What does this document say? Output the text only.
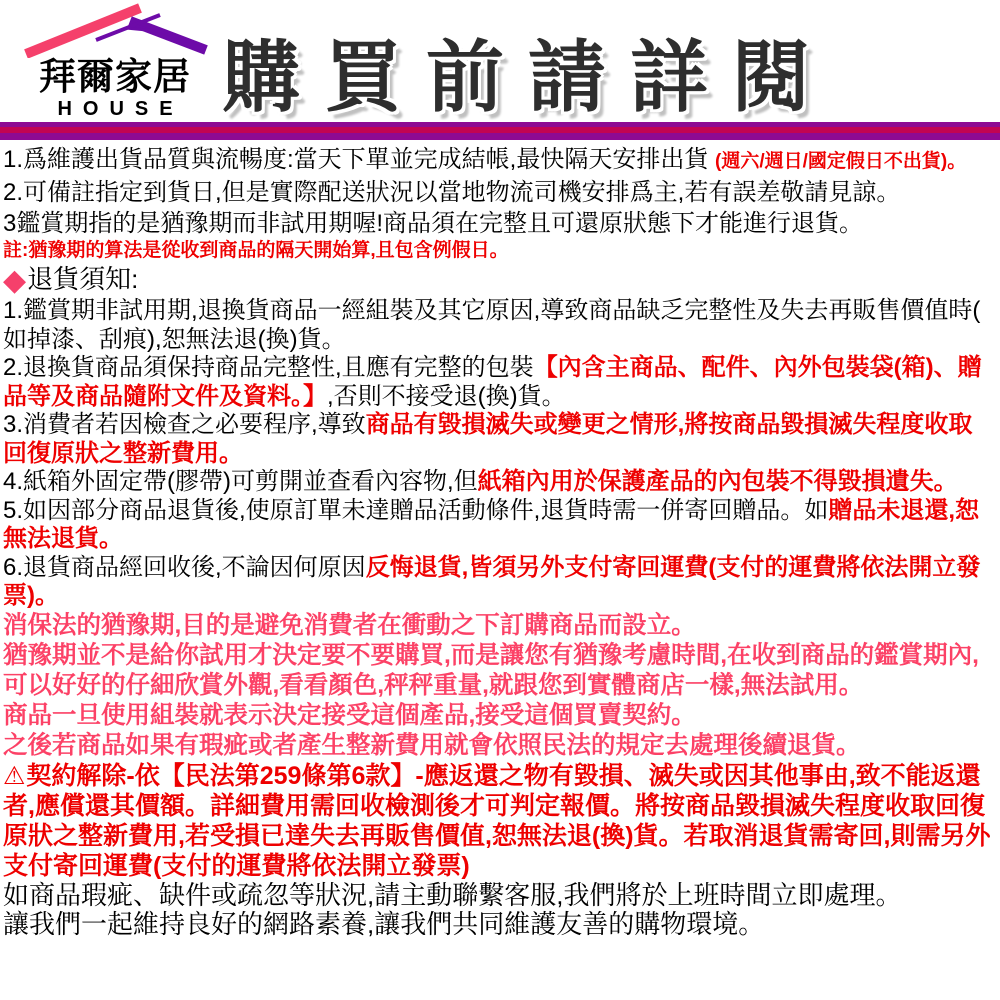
拜爾家居
HOUSE 購買前請詳閱

1.爲維護出貨品質與流暢度:當天下單並完成結帳,最快隔天安排出貨 (週六/週日/國定假日不出貨)。

2.可備註指定到貨日,但是實際配送狀況以當地物流司機安排爲主,若有誤差敬請見諒。

3鑑賞期指的是猶豫期而非試用期喔!商品須在完整且可還原狀態下才能進行退貨。

註:猶豫期的算法是從收到商品的隔天開始算,且包含例假日。

◆退貨須知:

1.鑑賞期非試用期,退換貨商品一經組裝及其它原因,導致商品缺乏完整性及失去再販售價值時(如掉漆、刮痕),恕無法退(換)貨。

2.退換貨商品須保持商品完整性,且應有完整的包裝【內含主商品、配件、內外包裝袋(箱)、贈品等及商品隨附文件及資料。】,否則不接受退(換)貨。

3.消費者若因檢查之必要程序,導致商品有毀損滅失或變更之情形,將按商品毀損滅失程度收取回復原狀之整新費用。

4.紙箱外固定帶(膠帶)可剪開並查看內容物,但紙箱內用於保護產品的內包裝不得毀損遺失。

5.如因部分商品退貨後,使原訂單未達贈品活動條件,退貨時需一併寄回贈品。如贈品未退還,恕無法退貨。

6.退貨商品經回收後,不論因何原因反悔退貨,皆須另外支付寄回運費(支付的運費將依法開立發票)。

消保法的猶豫期,目的是避免消費者在衝動之下訂購商品而設立。

猶豫期並不是給你試用才決定要不要購買,而是讓您有猶豫考慮時間,在收到商品的鑑賞期內,可以好好的仔細欣賞外觀,看看顏色,秤秤重量,就跟您到實體商店一樣,無法試用。

商品一旦使用組裝就表示決定接受這個產品,接受這個買賣契約。

之後若商品如果有瑕疵或者產生整新費用就會依照民法的規定去處理後續退貨。

⚠契約解除-依【民法第259條第6款】-應返還之物有毀損、滅失或因其他事由,致不能返還者,應償還其價額。詳細費用需回收檢測後才可判定報價。將按商品毀損滅失程度收取回復原狀之整新費用,若受損已達失去再販售價值,恕無法退(換)貨。若取消退貨需寄回,則需另外支付寄回運費(支付的運費將依法開立發票)

如商品瑕疵、缺件或疏忽等狀況,請主動聯繫客服,我們將於上班時間立即處理。

讓我們一起維持良好的網路素養,讓我們共同維護友善的購物環境。
